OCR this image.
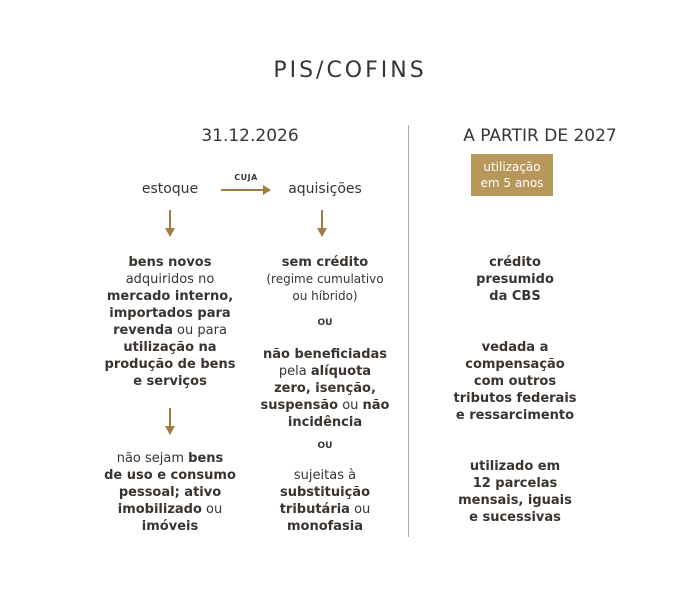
PIS/COFINS
31.12.2026	A PARTIR DE 2027
utilização
em 5 anos
estoque
CUJA
aquisições
bens novos
adquiridos no
mercado interno,
importados para
revenda ou para
utilização na
produção de bens
e serviços
não sejam bens
de uso e consumo
pessoal; ativo
imobilizado ou
imóveis
sem crédito
(regime cumulativo
ou híbrido)
OU
não beneficiadas
pela alíquota
zero, isenção,
suspensão ou não
incidência
OU
sujeitas à
substituição
tributária ou
monofasia
crédito
presumido
da CBS
vedada a
compensação
com outros
tributos federais
e ressarcimento
utilizado em
12 parcelas
mensais, iguais
e sucessivas
